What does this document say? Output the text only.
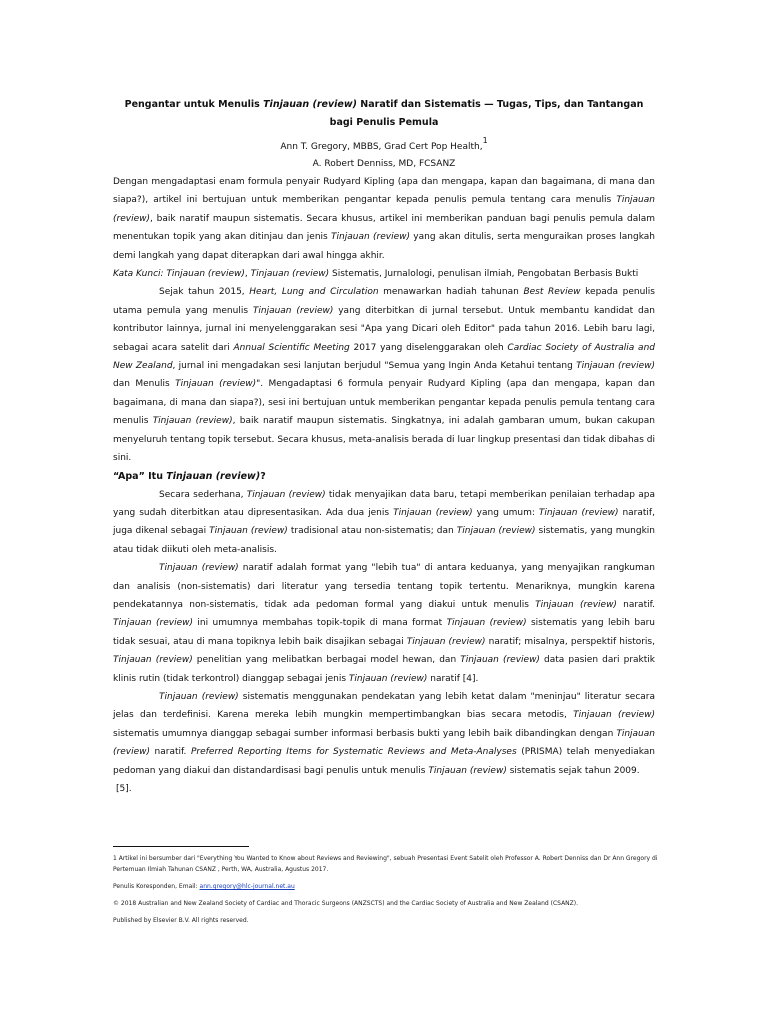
Pengantar untuk Menulis Tinjauan (review) Naratif dan Sistematis — Tugas, Tips, dan Tantangan bagi Penulis Pemula

Ann T. Gregory, MBBS, Grad Cert Pop Health,$^1$

A. Robert Denniss, MD, FCSANZ

Dengan mengadaptasi enam formula penyair Rudyard Kipling (apa dan mengapa, kapan dan bagaimana, di mana dan siapa?), artikel ini bertujuan untuk memberikan pengantar kepada penulis pemula tentang cara menulis Tinjauan (review), baik naratif maupun sistematis. Secara khusus, artikel ini memberikan panduan bagi penulis pemula dalam menentukan topik yang akan ditinjau dan jenis Tinjauan (review) yang akan ditulis, serta menguraikan proses langkah demi langkah yang dapat diterapkan dari awal hingga akhir.

Kata Kunci: Tinjauan (review), Tinjauan (review) Sistematis, Jurnalologi, penulisan ilmiah, Pengobatan Berbasis Bukti

Sejak tahun 2015, Heart, Lung and Circulation menawarkan hadiah tahunan Best Review kepada penulis utama pemula yang menulis Tinjauan (review) yang diterbitkan di jurnal tersebut. Untuk membantu kandidat dan kontributor lainnya, jurnal ini menyelenggarakan sesi "Apa yang Dicari oleh Editor" pada tahun 2016. Lebih baru lagi, sebagai acara satelit dari Annual Scientific Meeting 2017 yang diselenggarakan oleh Cardiac Society of Australia and New Zealand, jurnal ini mengadakan sesi lanjutan berjudul "Semua yang Ingin Anda Ketahui tentang Tinjauan (review) dan Menulis Tinjauan (review)". Mengadaptasi 6 formula penyair Rudyard Kipling (apa dan mengapa, kapan dan bagaimana, di mana dan siapa?), sesi ini bertujuan untuk memberikan pengantar kepada penulis pemula tentang cara menulis Tinjauan (review), baik naratif maupun sistematis. Singkatnya, ini adalah gambaran umum, bukan cakupan menyeluruh tentang topik tersebut. Secara khusus, meta-analisis berada di luar lingkup presentasi dan tidak dibahas di sini.

“Apa” Itu Tinjauan (review)?

Secara sederhana, Tinjauan (review) tidak menyajikan data baru, tetapi memberikan penilaian terhadap apa yang sudah diterbitkan atau dipresentasikan. Ada dua jenis Tinjauan (review) yang umum: Tinjauan (review) naratif, juga dikenal sebagai Tinjauan (review) tradisional atau non-sistematis; dan Tinjauan (review) sistematis, yang mungkin atau tidak diikuti oleh meta-analisis.

Tinjauan (review) naratif adalah format yang "lebih tua" di antara keduanya, yang menyajikan rangkuman dan analisis (non-sistematis) dari literatur yang tersedia tentang topik tertentu. Menariknya, mungkin karena pendekatannya non-sistematis, tidak ada pedoman formal yang diakui untuk menulis Tinjauan (review) naratif. Tinjauan (review) ini umumnya membahas topik-topik di mana format Tinjauan (review) sistematis yang lebih baru tidak sesuai, atau di mana topiknya lebih baik disajikan sebagai Tinjauan (review) naratif; misalnya, perspektif historis, Tinjauan (review) penelitian yang melibatkan berbagai model hewan, dan Tinjauan (review) data pasien dari praktik klinis rutin (tidak terkontrol) dianggap sebagai jenis Tinjauan (review) naratif [4].

Tinjauan (review) sistematis menggunakan pendekatan yang lebih ketat dalam "meninjau" literatur secara jelas dan terdefinisi. Karena mereka lebih mungkin mempertimbangkan bias secara metodis, Tinjauan (review) sistematis umumnya dianggap sebagai sumber informasi berbasis bukti yang lebih baik dibandingkan dengan Tinjauan (review) naratif. Preferred Reporting Items for Systematic Reviews and Meta-Analyses (PRISMA) telah menyediakan pedoman yang diakui dan distandardisasi bagi penulis untuk menulis Tinjauan (review) sistematis sejak tahun 2009.

[5].

1 Artikel ini bersumber dari "Everything You Wanted to Know about Reviews and Reviewing", sebuah Presentasi Event Satelit oleh Professor A. Robert Denniss dan Dr Ann Gregory di
Pertemuan Ilmiah Tahunan CSANZ , Perth, WA, Australia, Agustus 2017.
Penulis Koresponden, Email: ann.gregory@hlc-journal.net.au
© 2018 Australian and New Zealand Society of Cardiac and Thoracic Surgeons (ANZSCTS) and the Cardiac Society of Australia and New Zealand (CSANZ).
Published by Elsevier B.V. All rights reserved.
